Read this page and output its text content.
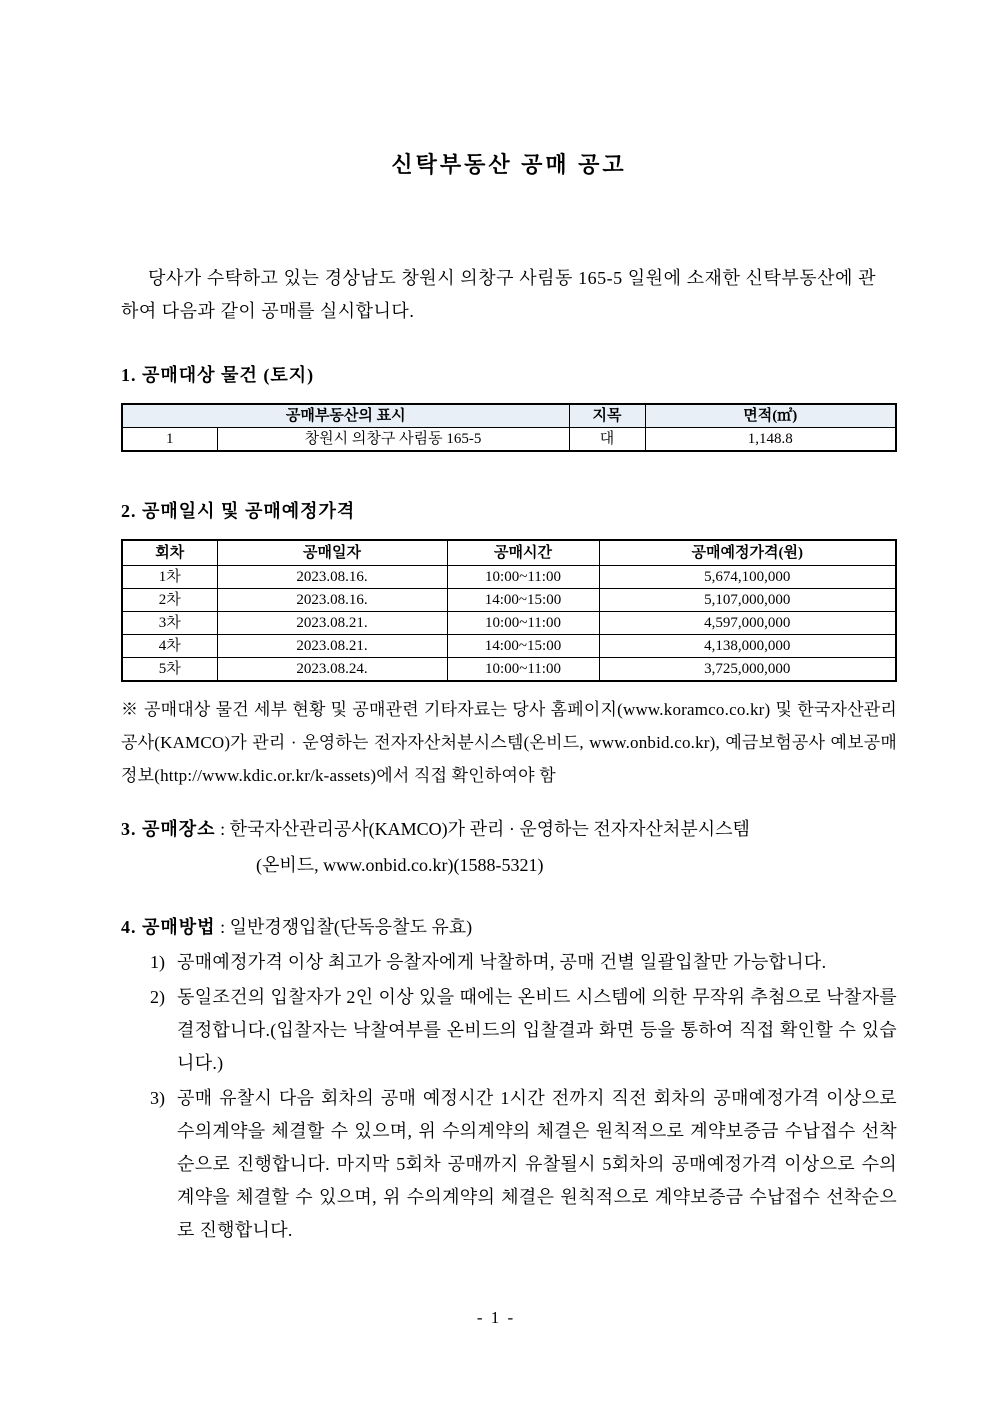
신탁부동산 공매 공고

당사가 수탁하고 있는 경상남도 창원시 의창구 사림동 165-5 일원에 소재한 신탁부동산에 관하여 다음과 같이 공매를 실시합니다.

1. 공매대상 물건 (토지)
공매부동산의 표시		지목	면적(㎡)
1	창원시 의창구 사림동 165-5	대	1,148.8
2. 공매일시 및 공매예정가격
회차	공매일자	공매시간	공매예정가격(원)
1차	2023.08.16.	10:00~11:00	5,674,100,000
2차	2023.08.16.	14:00~15:00	5,107,000,000
3차	2023.08.21.	10:00~11:00	4,597,000,000
4차	2023.08.21.	14:00~15:00	4,138,000,000
5차	2023.08.24.	10:00~11:00	3,725,000,000

※ 공매대상 물건 세부 현황 및 공매관련 기타자료는 당사 홈페이지(www.koramco.co.kr) 및 한국자산관리공사(KAMCO)가 관리 · 운영하는 전자자산처분시스템(온비드, www.onbid.co.kr), 예금보험공사 예보공매정보(http://www.kdic.or.kr/k-assets)에서 직접 확인하여야 함

3. 공매장소 : 한국자산관리공사(KAMCO)가 관리 · 운영하는 전자자산처분시스템
(온비드, www.onbid.co.kr)(1588-5321)
4. 공매방법 : 일반경쟁입찰(단독응찰도 유효)
1) 공매예정가격 이상 최고가 응찰자에게 낙찰하며, 공매 건별 일괄입찰만 가능합니다.
2) 동일조건의 입찰자가 2인 이상 있을 때에는 온비드 시스템에 의한 무작위 추첨으로 낙찰자를 결정합니다.(입찰자는 낙찰여부를 온비드의 입찰결과 화면 등을 통하여 직접 확인할 수 있습니다.)
3) 공매 유찰시 다음 회차의 공매 예정시간 1시간 전까지 직전 회차의 공매예정가격 이상으로 수의계약을 체결할 수 있으며, 위 수의계약의 체결은 원칙적으로 계약보증금 수납접수 선착순으로 진행합니다. 마지막 5회차 공매까지 유찰될시 5회차의 공매예정가격 이상으로 수의계약을 체결할 수 있으며, 위 수의계약의 체결은 원칙적으로 계약보증금 수납접수 선착순으로 진행합니다.
- 1 -
